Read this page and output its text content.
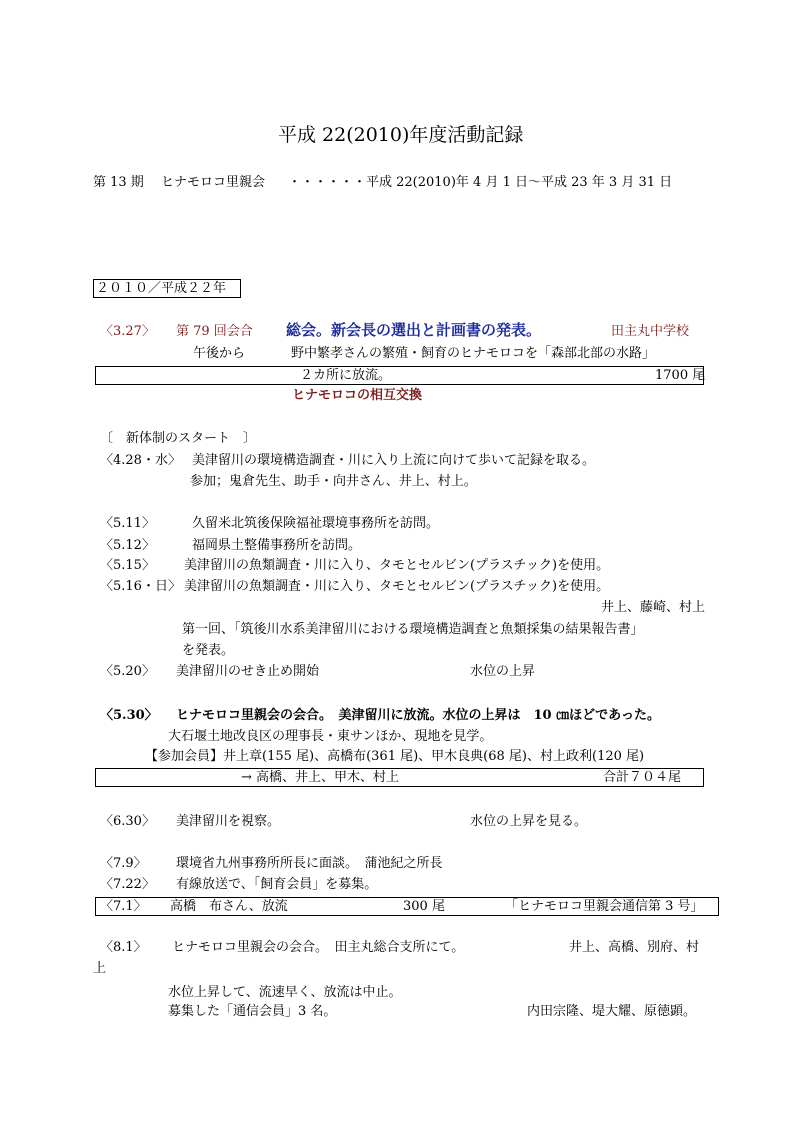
平成 22(2010)年度活動記録
第 13 期 ヒナモロコ里親会 ・・・・・・ 平成 22(2010)年 4 月 1 日～平成 23 年 3 月 31 日
２０１０／平成２２年
〈3.27〉 第 79 回会合 総会。新会長の選出と計画書の発表。	田主丸中学校
午後から	野中繁孝さんの繁殖・飼育のヒナモロコを「森部北部の水路」
２カ所に放流。	1700 尾
ヒナモロコの相互交換
〔　新体制のスタート　〕
〈4.28・水〉 美津留川の環境構造調査・川に入り上流に向けて歩いて記録を取る。
参加；鬼倉先生、助手・向井さん、井上、村上。
〈5.11〉	久留米北筑後保険福祉環境事務所を訪問。
〈5.12〉	福岡県土整備事務所を訪問。
〈5.15〉 美津留川の魚類調査・川に入り、タモとセルビン(プラスチック)を使用。
〈5.16・日〉 美津留川の魚類調査・川に入り、タモとセルビン(プラスチック)を使用。
井上、藤崎、村上
第一回、「筑後川水系美津留川における環境構造調査と魚類採集の結果報告書」
を発表。
〈5.20〉 美津留川のせき止め開始	水位の上昇
〈5.30〉 ヒナモロコ里親会の会合。　美津留川に放流。水位の上昇は　10 ㎝ほどであった。
大石堰土地改良区の理事長・東サンほか、現地を見学。
【参加会員】井上章(155 尾)、高橋布(361 尾)、甲木良典(68 尾)、村上政利(120 尾)
→ 高橋、井上、甲木、村上	合計７０４尾
〈6.30〉 美津留川を視察。	水位の上昇を見る。
〈7.9〉 環境省九州事務所所長に面談。　蒲池紀之所長
〈7.22〉 有線放送で、「飼育会員」を募集。
〈7.1〉 高橋　布さん、放流	300 尾	「ヒナモロコ里親会通信第 3 号」
〈8.1〉 ヒナモロコ里親会の会合。　田主丸総合支所にて。	井上、高橋、別府、村
上
水位上昇して、流速早く、放流は中止。
募集した「通信会員」3 名。	内田宗隆、堤大耀、原徳顕。
